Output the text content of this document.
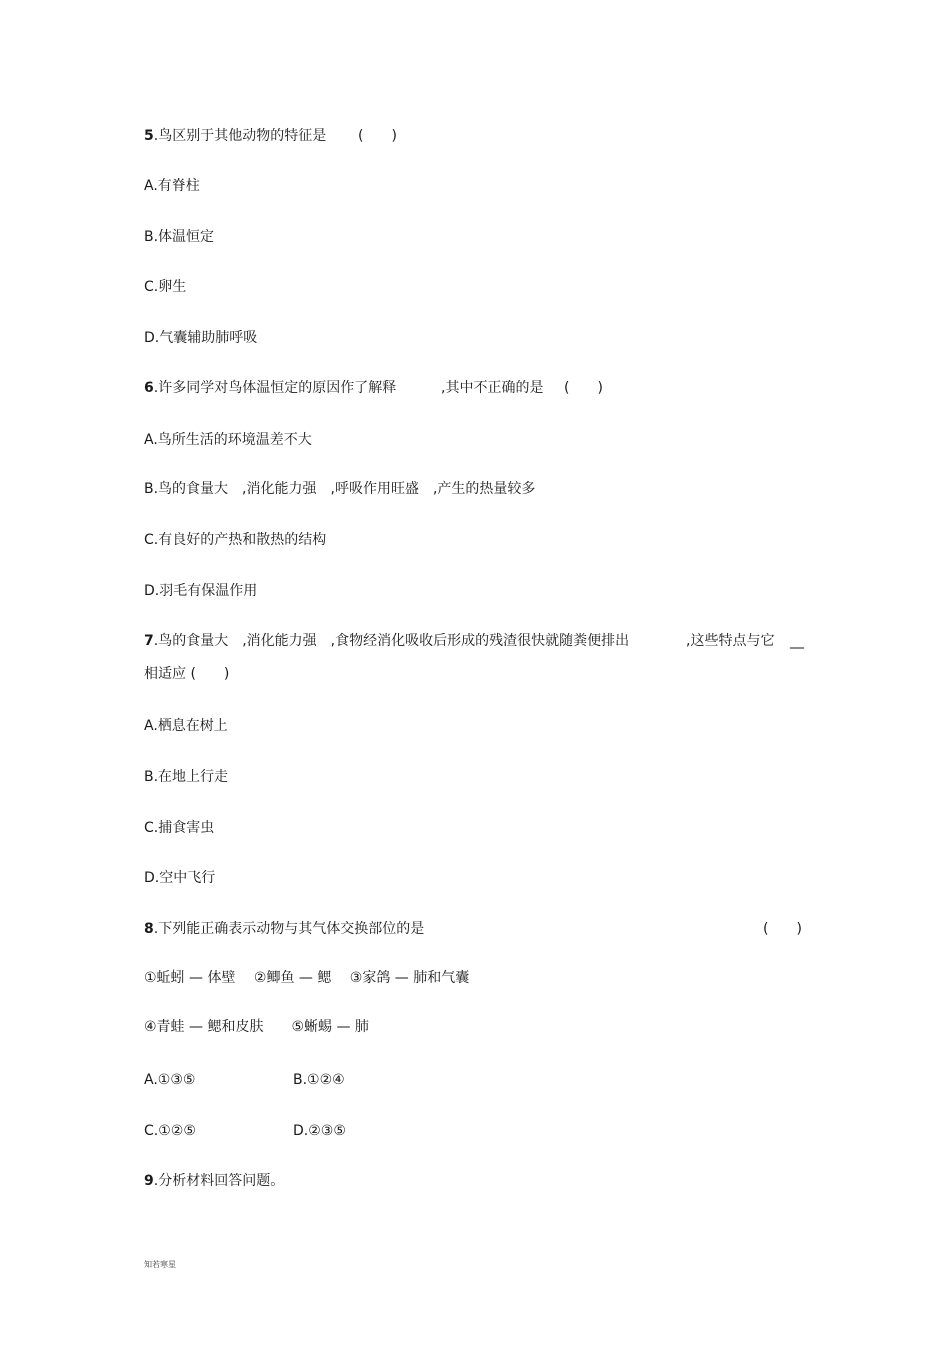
5.鸟区别于其他动物的特征是 (　　)
A.有脊柱
B.体温恒定
C.卵生
D.气囊辅助肺呼吸
6.许多同学对鸟体温恒定的原因作了解释	,其中不正确的是 (　　)
A.鸟所生活的环境温差不大
B.鸟的食量大　,消化能力强　,呼吸作用旺盛　,产生的热量较多
C.有良好的产热和散热的结构
D.羽毛有保温作用
7.鸟的食量大　,消化能力强　,食物经消化吸收后形成的残渣很快就随粪便排出	,这些特点与它 __
相适应 (　　)
A.栖息在树上
B.在地上行走
C.捕食害虫
D.空中飞行
8.下列能正确表示动物与其气体交换部位的是	(　　)
①蚯蚓 — 体壁　 ②鲫鱼 — 鳃　 ③家鸽 — 肺和气囊
④青蛙 — 鳃和皮肤　　⑤蜥蜴 — 肺
A.①③⑤	B.①②④
C.①②⑤	D.②③⑤
9.分析材料回答问题。
知若寒星
